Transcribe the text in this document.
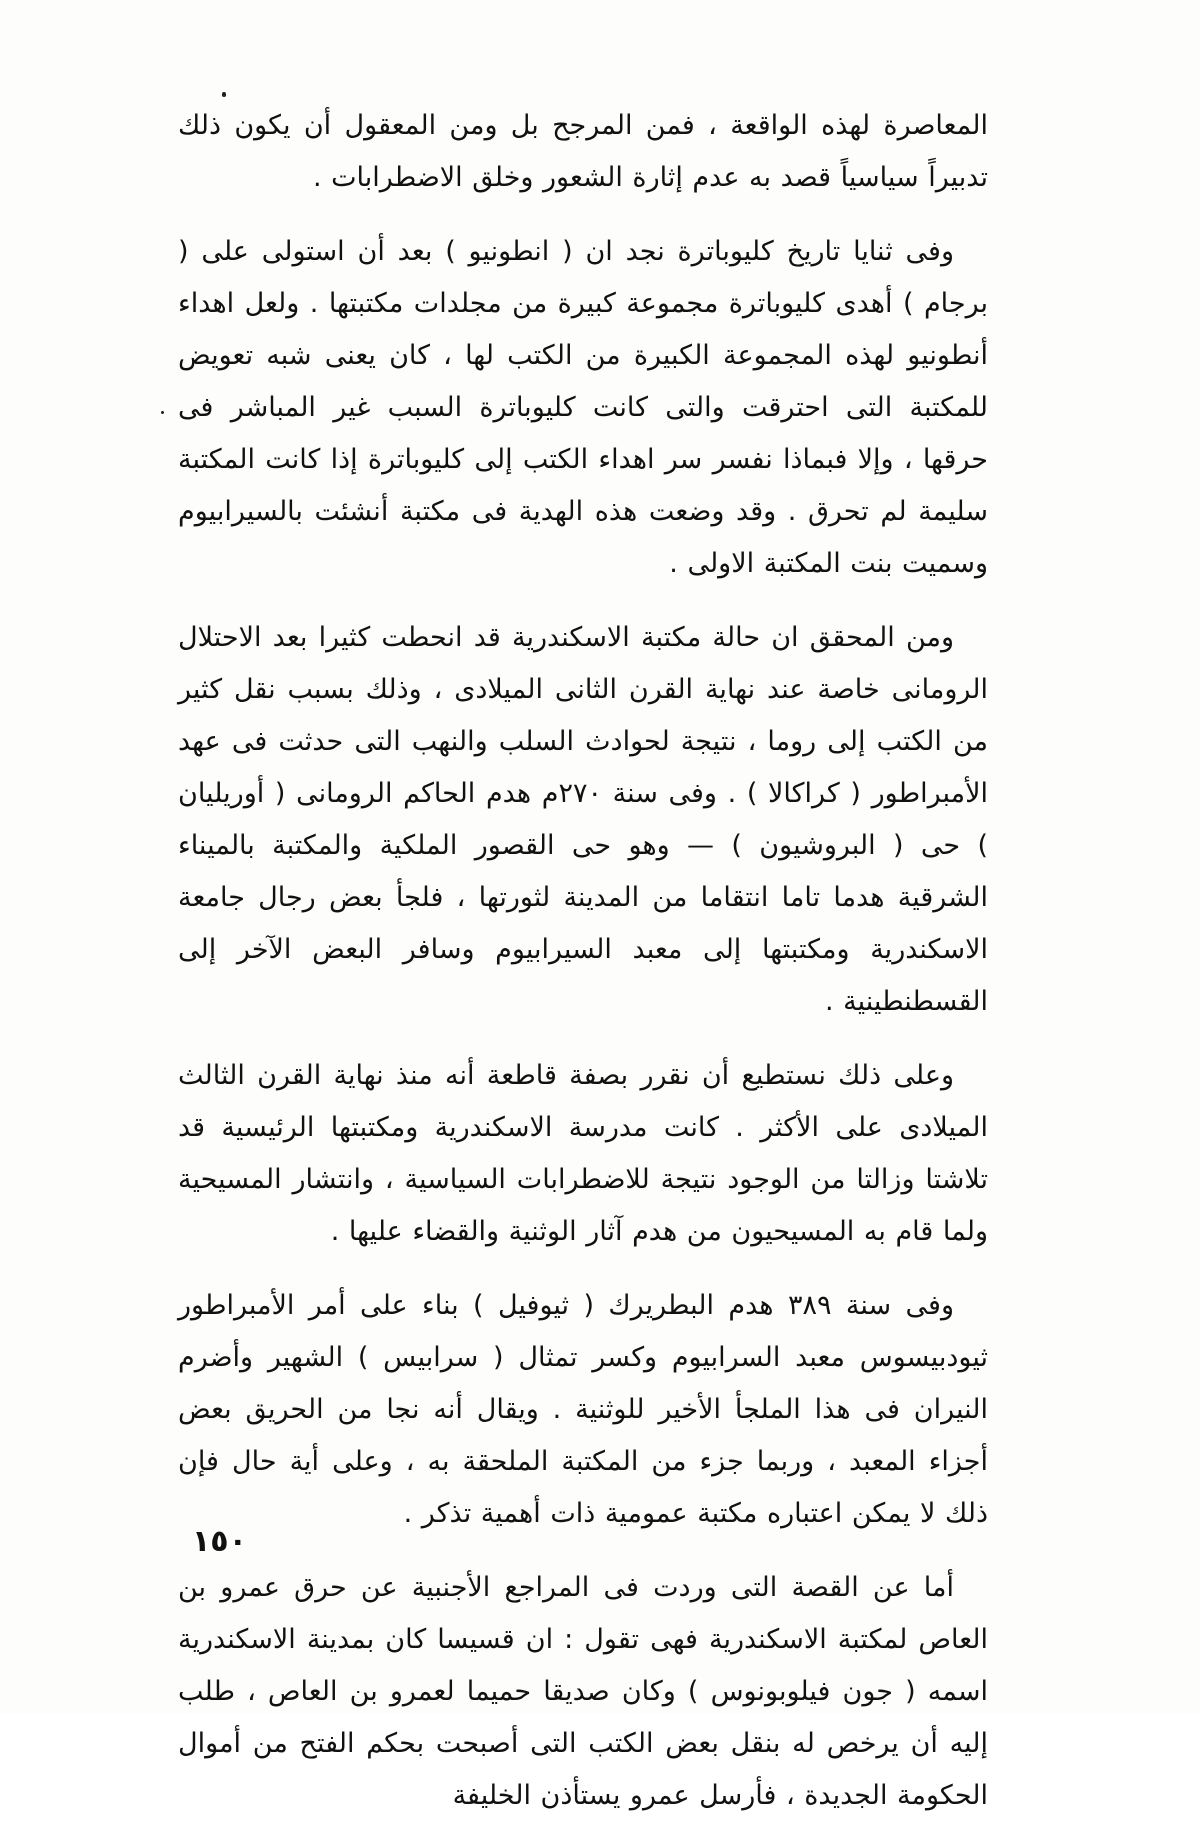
المعاصرة لهذه الواقعة ، فمن المرجح بل ومن المعقول أن يكون ذلك تدبيراً سياسياً قصد به عدم إثارة الشعور وخلق الاضطرابات .

وفى ثنايا تاريخ كليوباترة نجد ان ( انطونيو ) بعد أن استولى على ( برجام ) أهدى كليوباترة مجموعة كبيرة من مجلدات مكتبتها . ولعل اهداء أنطونيو لهذه المجموعة الكبيرة من الكتب لها ، كان يعنى شبه تعويض للمكتبة التى احترقت والتى كانت كليوباترة السبب غير المباشر فى حرقها ، وإلا فبماذا نفسر سر اهداء الكتب إلى كليوباترة إذا كانت المكتبة سليمة لم تحرق . وقد وضعت هذه الهدية فى مكتبة أنشئت بالسيرابيوم وسميت بنت المكتبة الاولى .

ومن المحقق ان حالة مكتبة الاسكندرية قد انحطت كثيرا بعد الاحتلال الرومانى خاصة عند نهاية القرن الثانى الميلادى ، وذلك بسبب نقل كثير من الكتب إلى روما ، نتيجة لحوادث السلب والنهب التى حدثت فى عهد الأمبراطور ( كراكالا ) . وفى سنة ٢٧٠م هدم الحاكم الرومانى ( أوريليان ) حى ( البروشيون ) — وهو حى القصور الملكية والمكتبة بالميناء الشرقية هدما تاما انتقاما من المدينة لثورتها ، فلجأ بعض رجال جامعة الاسكندرية ومكتبتها إلى معبد السيرابيوم وسافر البعض الآخر إلى القسطنطينية .

وعلى ذلك نستطيع أن نقرر بصفة قاطعة أنه منذ نهاية القرن الثالث الميلادى على الأكثر . كانت مدرسة الاسكندرية ومكتبتها الرئيسية قد تلاشتا وزالتا من الوجود نتيجة للاضطرابات السياسية ، وانتشار المسيحية ولما قام به المسيحيون من هدم آثار الوثنية والقضاء عليها .

وفى سنة ٣٨٩ هدم البطريرك ( ثيوفيل ) بناء على أمر الأمبراطور ثيودبيسوس معبد السرابيوم وكسر تمثال ( سرابيس ) الشهير وأضرم النيران فى هذا الملجأ الأخير للوثنية . ويقال أنه نجا من الحريق بعض أجزاء المعبد ، وربما جزء من المكتبة الملحقة به ، وعلى أية حال فإن ذلك لا يمكن اعتباره مكتبة عمومية ذات أهمية تذكر .

أما عن القصة التى وردت فى المراجع الأجنبية عن حرق عمرو بن العاص لمكتبة الاسكندرية فهى تقول : ان قسيسا كان بمدينة الاسكندرية اسمه ( جون فيلوبونوس ) وكان صديقا حميما لعمرو بن العاص ، طلب إليه أن يرخص له بنقل بعض الكتب التى أصبحت بحكم الفتح من أموال الحكومة الجديدة ، فأرسل عمرو يستأذن الخليفة

١٥٠
